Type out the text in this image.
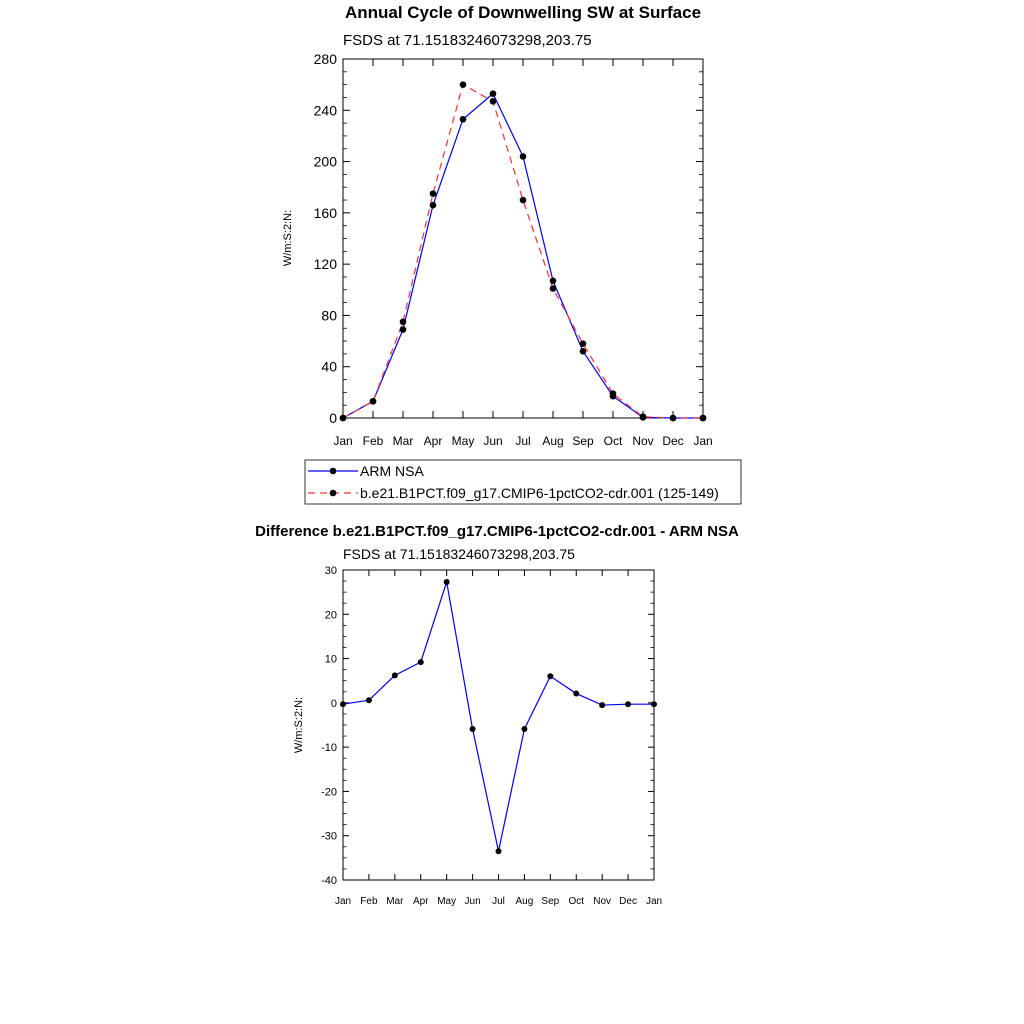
Annual Cycle of Downwelling SW at Surface
FSDS at 71.15183246073298,203.75
W/m:S:2:N:
0
40
80
120
160
200
240
280
Jan Feb Mar Apr May Jun Jul Aug Sep Oct Nov Dec Jan
ARM NSA
b.e21.B1PCT.f09_g17.CMIP6-1pctCO2-cdr.001 (125-149)
Difference b.e21.B1PCT.f09_g17.CMIP6-1pctCO2-cdr.001 - ARM NSA
FSDS at 71.15183246073298,203.75
W/m:S:2:N:
-40
-30
-20
-10
0
10
20
30
Jan Feb Mar Apr May Jun Jul Aug Sep Oct Nov Dec Jan
